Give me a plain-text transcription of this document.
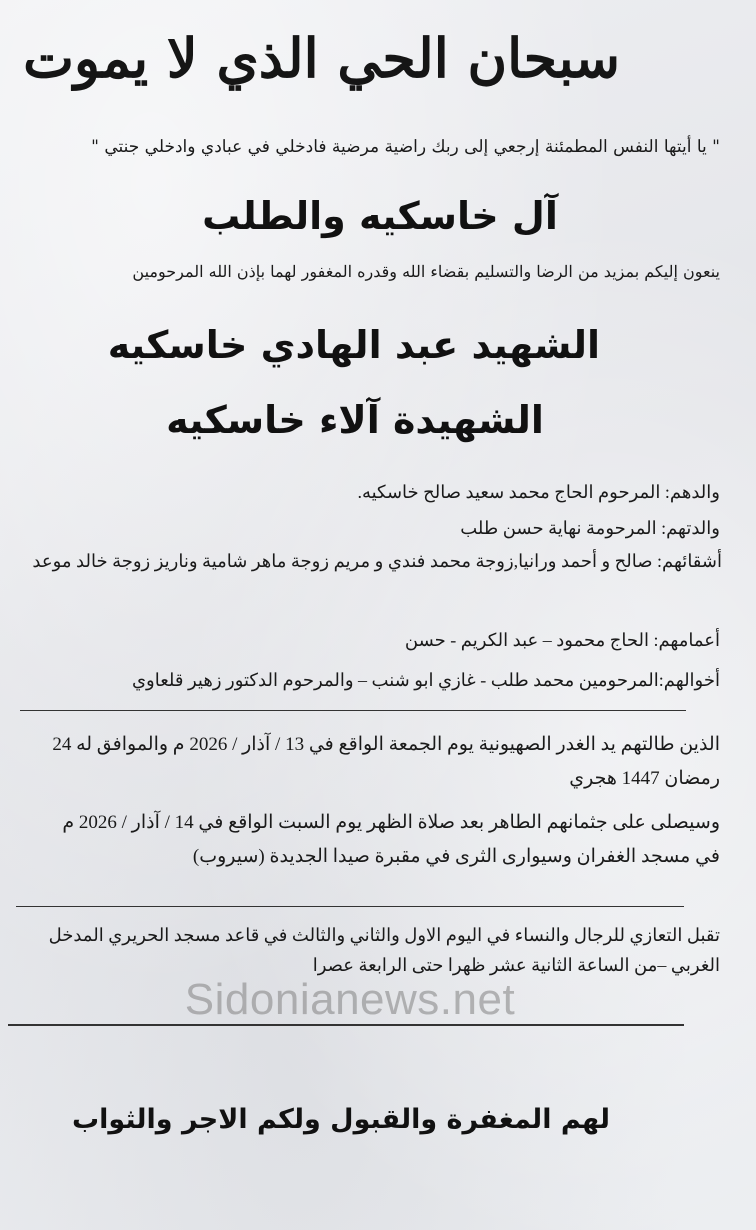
سبحان الحي الذي لا يموت
" يا أيتها النفس المطمئنة إرجعي إلى ربك راضية مرضية فادخلي في عبادي وادخلي جنتي "
آل خاسكيه والطلب
ينعون إليكم بمزيد من الرضا والتسليم بقضاء الله وقدره المغفور لهما بإذن الله المرحومين
الشهيد عبد الهادي خاسكيه
الشهيدة آلاء خاسكيه
والدهم: المرحوم الحاج محمد سعيد صالح خاسكيه.
والدتهم: المرحومة نهاية حسن طلب
أشقائهم: صالح و أحمد ورانيا,زوجة محمد فندي و مريم زوجة ماهر شامية وناريز زوجة خالد موعد
أعمامهم: الحاج محمود – عبد الكريم - حسن
أخوالهم:المرحومين محمد طلب - غازي ابو شنب – والمرحوم الدكتور زهير قلعاوي
الذين طالتهم يد الغدر الصهيونية يوم الجمعة الواقع في 13 / آذار / 2026 م والموافق له 24 رمضان 1447 هجري
وسيصلى على جثمانهم الطاهر بعد صلاة الظهر يوم السبت الواقع في 14 / آذار / 2026 م في مسجد الغفران وسيوارى الثرى في مقبرة صيدا الجديدة (سيروب)
تقبل التعازي للرجال والنساء في اليوم الاول والثاني والثالث في قاعد مسجد الحريري المدخل الغربي –من الساعة الثانية عشر ظهرا حتى الرابعة عصرا
Sidonianews.net
لهم المغفرة والقبول ولكم الاجر والثواب
